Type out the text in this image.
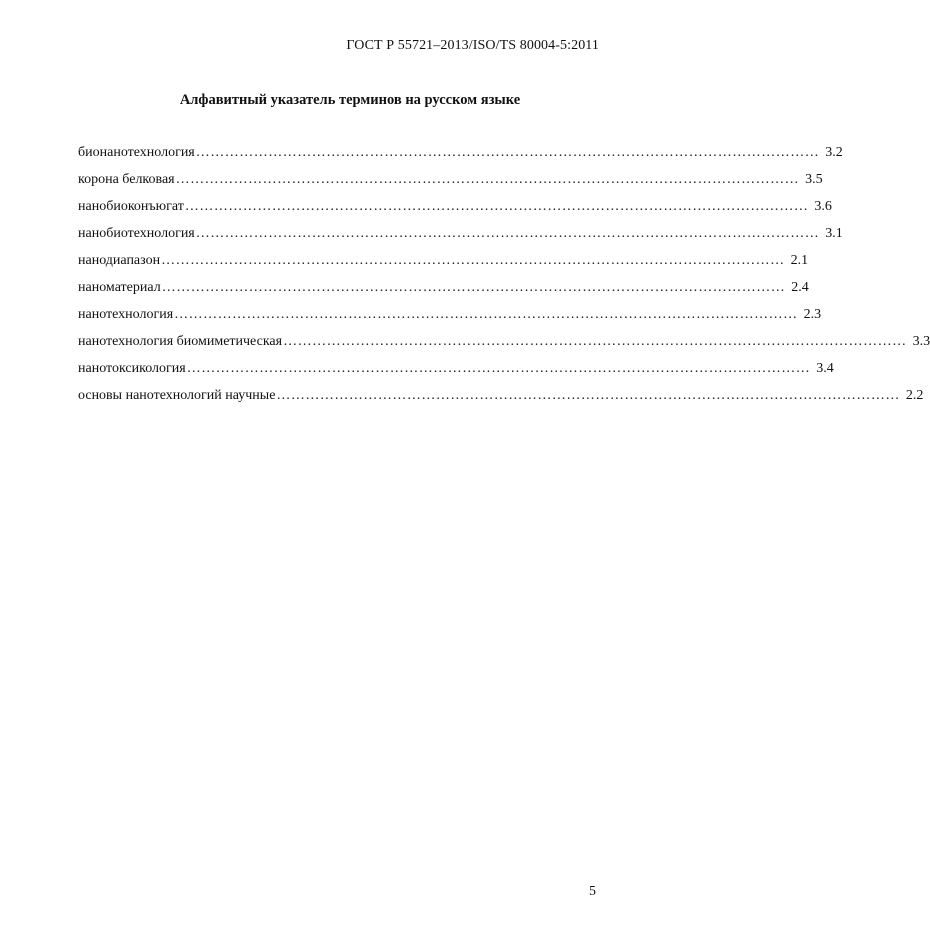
ГОСТ Р 55721–2013/ISO/TS 80004-5:2011
Алфавитный указатель терминов на русском языке
бионанотехнология ………………………………………………………………………………………………………………… 3.2
корона белковая ………………………………………………………………………………………………………………… 3.5
нанобиоконъюгат ………………………………………………………………………………………………………………… 3.6
нанобиотехнология ………………………………………………………………………………………………………………… 3.1
нанодиапазон ………………………………………………………………………………………………………………… 2.1
наноматериал ………………………………………………………………………………………………………………… 2.4
нанотехнология ………………………………………………………………………………………………………………… 2.3
нанотехнология биомиметическая ………………………………………………………………………………………………………………… 3.3
нанотоксикология ………………………………………………………………………………………………………………… 3.4
основы нанотехнологий научные ………………………………………………………………………………………………………………… 2.2
5
